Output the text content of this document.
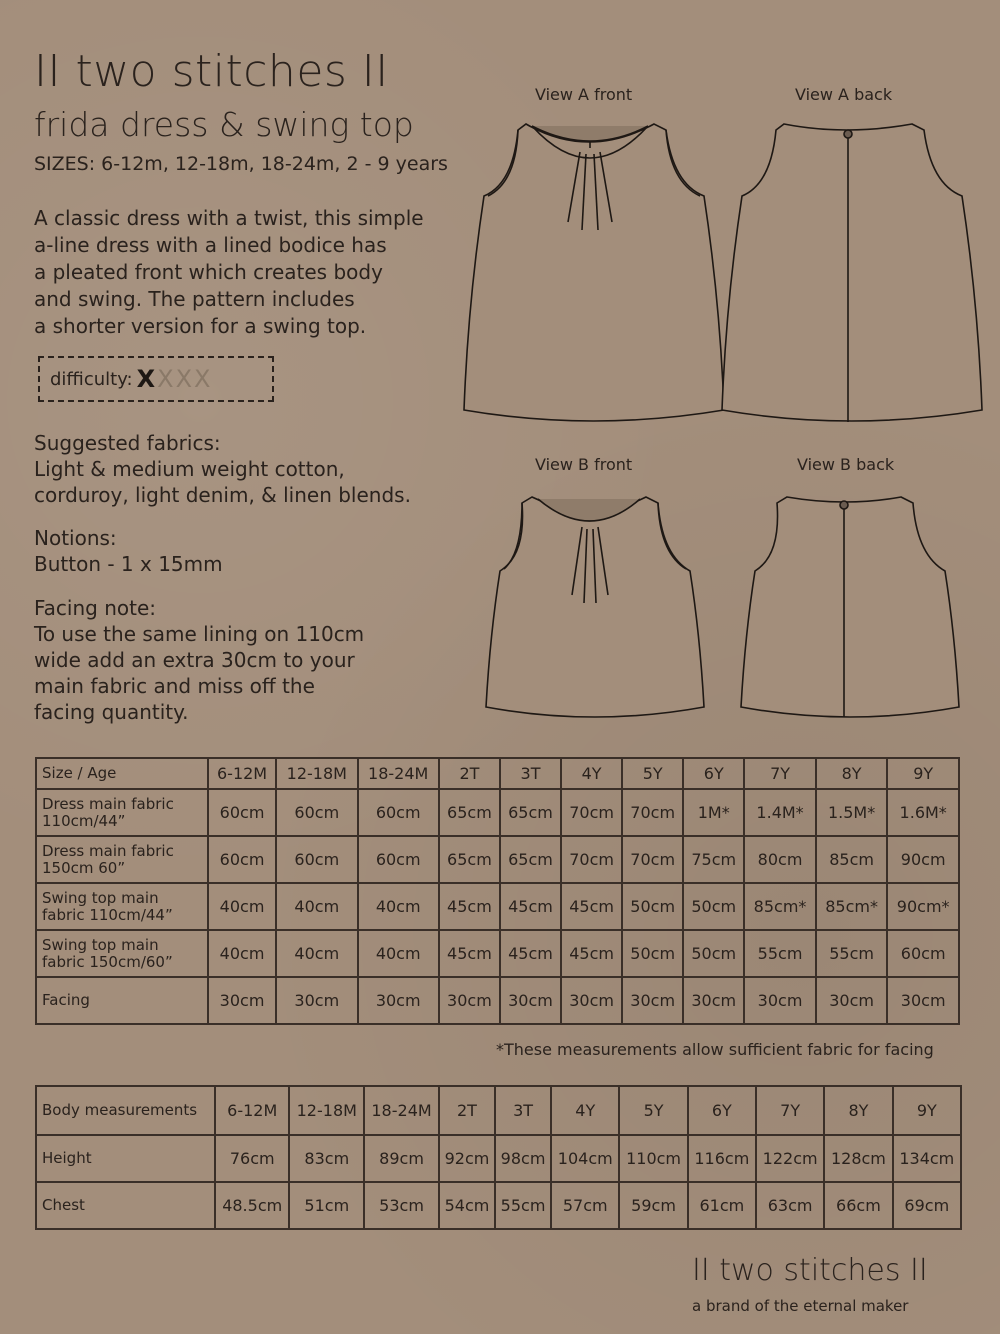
II two stitches II
frida dress & swing top
SIZES: 6-12m, 12-18m, 18-24m, 2 - 9 years
A classic dress with a twist, this simple
a-line dress with a lined bodice has
a pleated front which creates body
and swing. The pattern includes
a shorter version for a swing top.
difficulty: XXXX
Suggested fabrics:
Light & medium weight cotton,
corduroy, light denim, & linen blends.
Notions:
Button - 1 x 15mm
Facing note:
To use the same lining on 110cm
wide add an extra 30cm to your
main fabric and miss off the
facing quantity.
View A front	View A back
View B front	View B back
Size / Age	6-12M	12-18M	18-24M	2T	3T	4Y	5Y	6Y	7Y	8Y	9Y

Dress main fabric
110cm/44”	60cm	60cm	60cm	65cm	65cm	70cm	70cm	1M*	1.4M*	1.5M*	1.6M*

Dress main fabric
150cm 60”	60cm	60cm	60cm	65cm	65cm	70cm	70cm	75cm	80cm	85cm	90cm

Swing top main
fabric 110cm/44”	40cm	40cm	40cm	45cm	45cm	45cm	50cm	50cm	85cm*	85cm*	90cm*

Swing top main
fabric 150cm/60”	40cm	40cm	40cm	45cm	45cm	45cm	50cm	50cm	55cm	55cm	60cm

Facing	30cm	30cm	30cm	30cm	30cm	30cm	30cm	30cm	30cm	30cm	30cm
*These measurements allow sufficient fabric for facing
Body measurements	6-12M	12-18M	18-24M	2T	3T	4Y	5Y	6Y	7Y	8Y	9Y

Height	76cm	83cm	89cm	92cm	98cm	104cm	110cm	116cm	122cm	128cm	134cm

Chest	48.5cm	51cm	53cm	54cm	55cm	57cm	59cm	61cm	63cm	66cm	69cm
II two stitches II
a brand of the eternal maker
